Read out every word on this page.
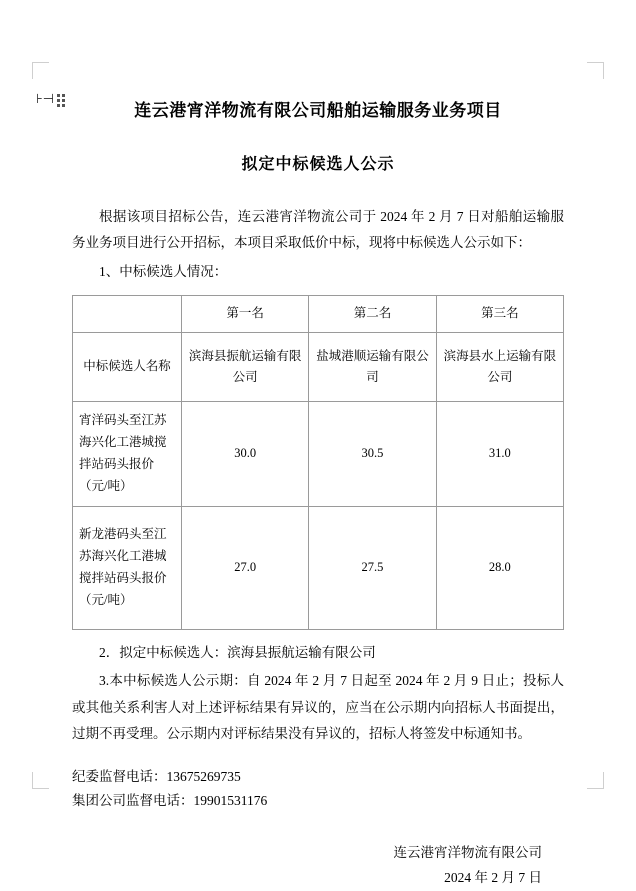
⊦⊣
连云港宵洋物流有限公司船舶运输服务业务项目
拟定中标候选人公示

根据该项目招标公告，连云港宵洋物流公司于 2024 年 2 月 7 日对船舶运输服务业务项目进行公开招标，本项目采取低价中标，现将中标候选人公示如下：

1、中标候选人情况：

	第一名	第二名	第三名
中标候选人名称	滨海县振航运输有限公司	盐城港顺运输有限公司	滨海县水上运输有限公司
宵洋码头至江苏海兴化工港城搅拌站码头报价（元/吨）	30.0	30.5	31.0
新龙港码头至江苏海兴化工港城搅拌站码头报价（元/吨）	27.0	27.5	28.0

2．拟定中标候选人：滨海县振航运输有限公司

3.本中标候选人公示期：自 2024 年 2 月 7 日起至 2024 年 2 月 9 日止；投标人或其他关系利害人对上述评标结果有异议的，应当在公示期内向招标人书面提出，过期不再受理。公示期内对评标结果没有异议的，招标人将签发中标通知书。

纪委监督电话：13675269735
集团公司监督电话：19901531176
连云港宵洋物流有限公司
2024 年 2 月 7 日
